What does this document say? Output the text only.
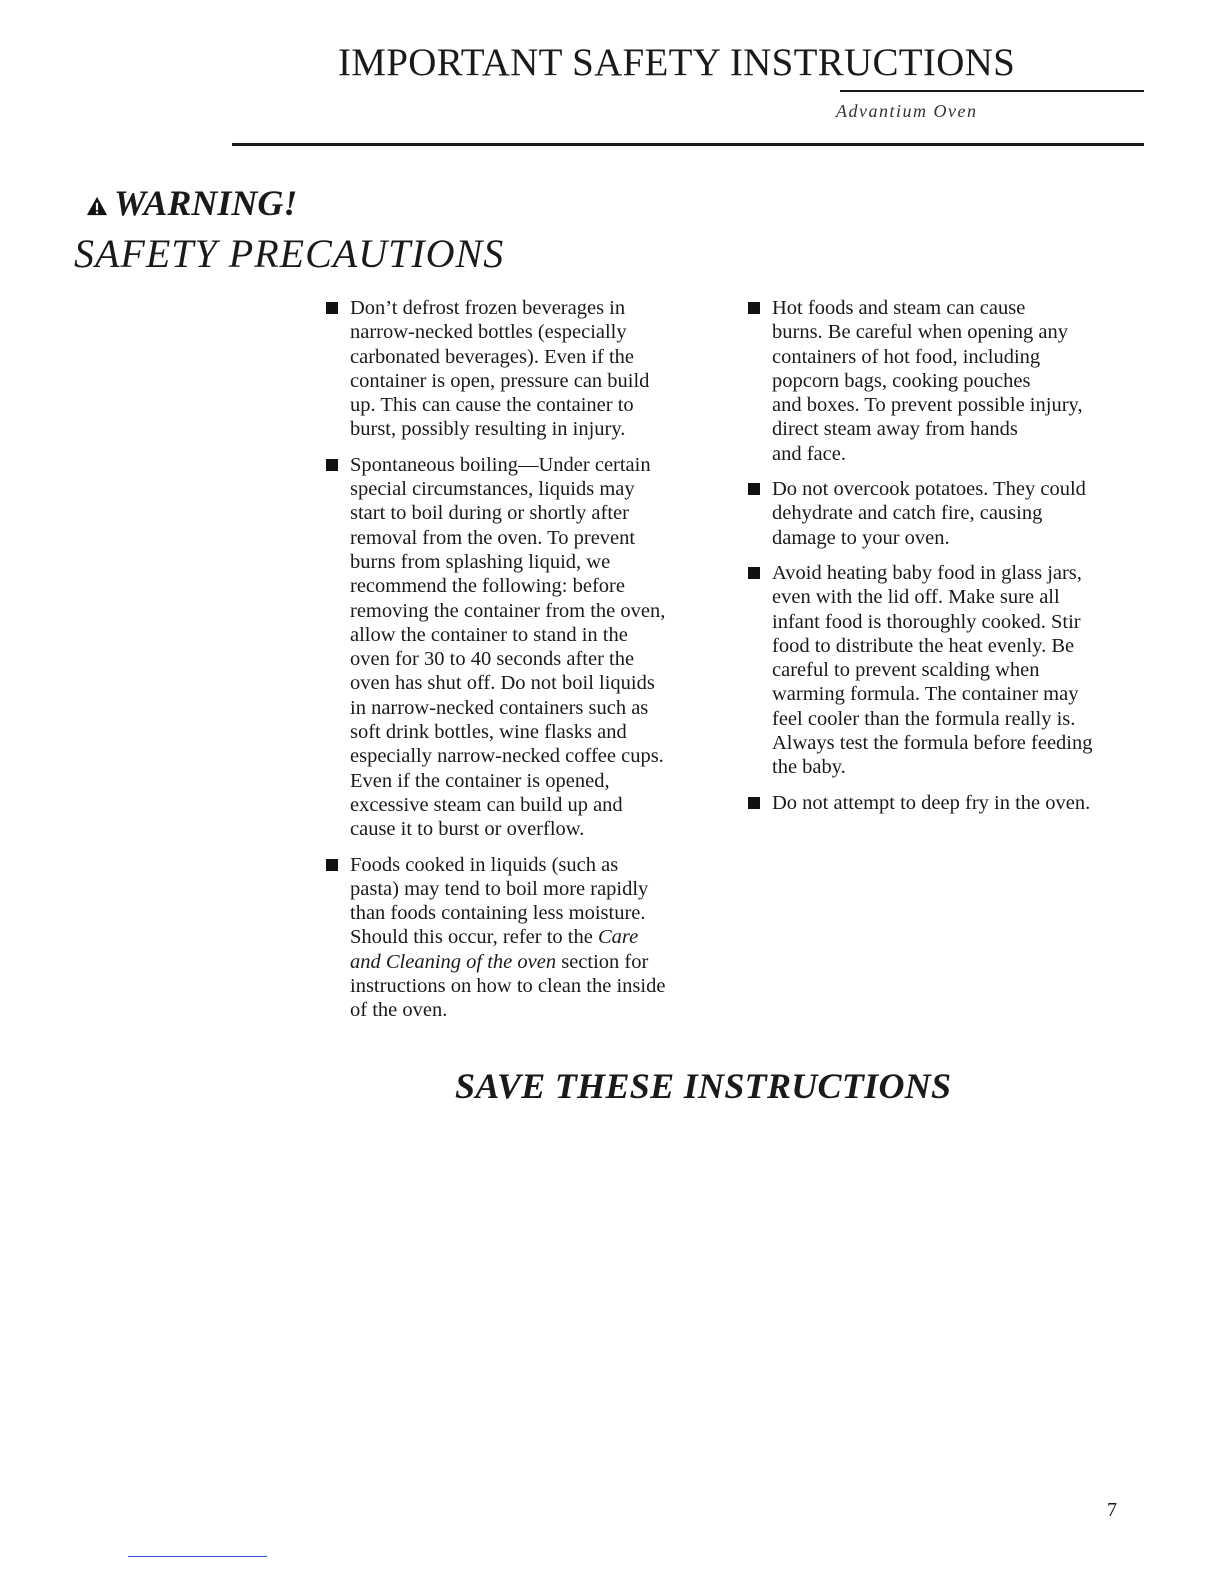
IMPORTANT SAFETY INSTRUCTIONS
Advantium Oven
WARNING!
SAFETY PRECAUTIONS
Don’t defrost frozen beverages in
narrow-necked bottles (especially
carbonated beverages). Even if the
container is open, pressure can build
up. This can cause the container to
burst, possibly resulting in injury.
Spontaneous boiling—Under certain
special circumstances, liquids may
start to boil during or shortly after
removal from the oven. To prevent
burns from splashing liquid, we
recommend the following: before
removing the container from the oven,
allow the container to stand in the
oven for 30 to 40 seconds after the
oven has shut off. Do not boil liquids
in narrow-necked containers such as
soft drink bottles, wine flasks and
especially narrow-necked coffee cups.
Even if the container is opened,
excessive steam can build up and
cause it to burst or overflow.
Foods cooked in liquids (such as
pasta) may tend to boil more rapidly
than foods containing less moisture.
Should this occur, refer to the Care
and Cleaning of the oven section for
instructions on how to clean the inside
of the oven.
Hot foods and steam can cause
burns. Be careful when opening any
containers of hot food, including
popcorn bags, cooking pouches
and boxes. To prevent possible injury,
direct steam away from hands
and face.
Do not overcook potatoes. They could
dehydrate and catch fire, causing
damage to your oven.
Avoid heating baby food in glass jars,
even with the lid off. Make sure all
infant food is thoroughly cooked. Stir
food to distribute the heat evenly. Be
careful to prevent scalding when
warming formula. The container may
feel cooler than the formula really is.
Always test the formula before feeding
the baby.
Do not attempt to deep fry in the oven.
SAVE THESE INSTRUCTIONS
7
